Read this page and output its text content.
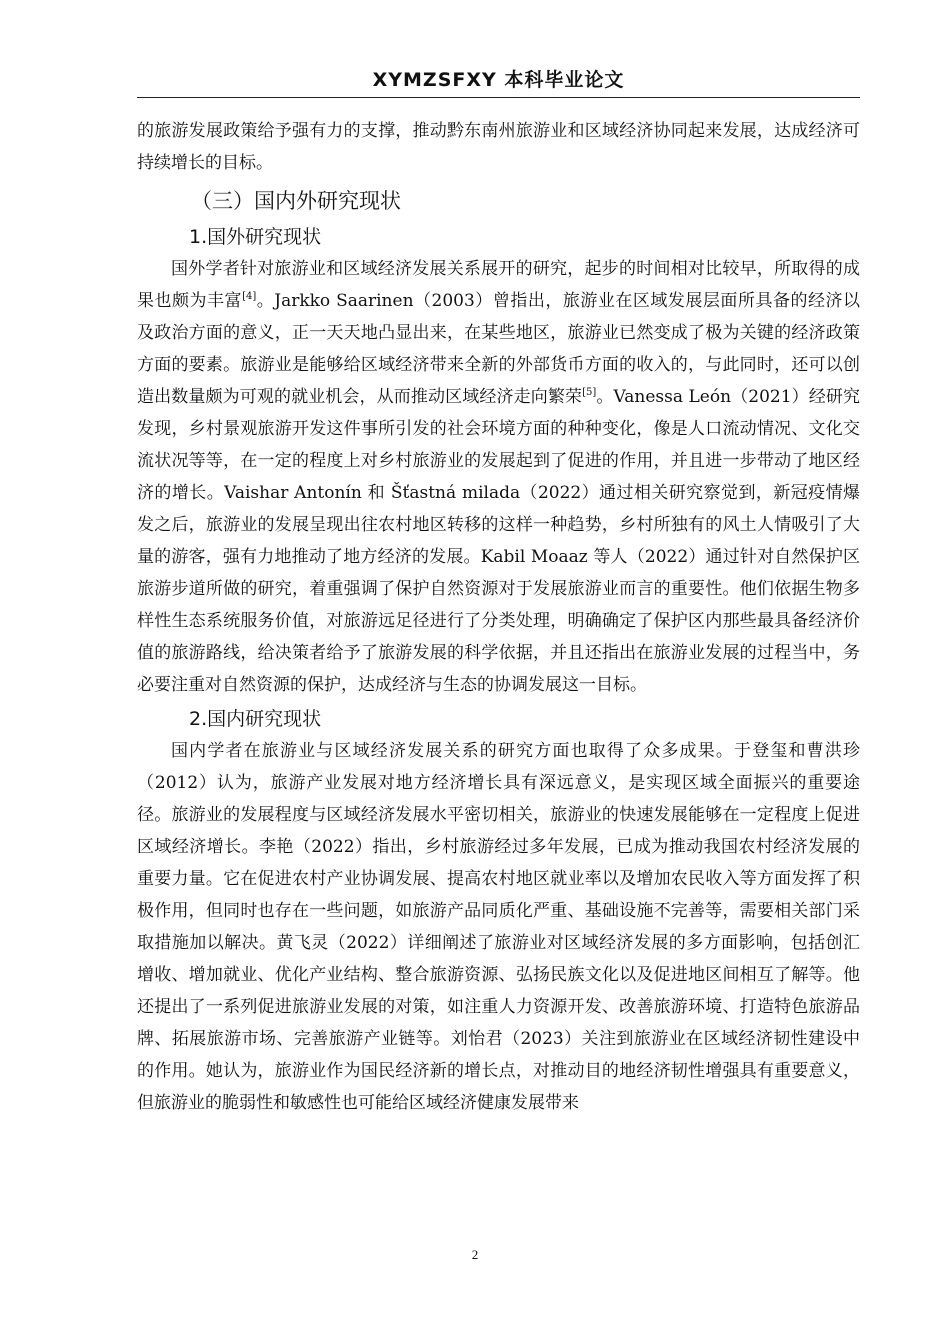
XYMZSFXY 本科毕业论文

的旅游发展政策给予强有力的支撑，推动黔东南州旅游业和区域经济协同起来发展，达成经济可持续增长的目标。

（三）国内外研究现状
1.国外研究现状

国外学者针对旅游业和区域经济发展关系展开的研究，起步的时间相对比较早，所取得的成果也颇为丰富[4]。Jarkko Saarinen（2003）曾指出，旅游业在区域发展层面所具备的经济以及政治方面的意义，正一天天地凸显出来，在某些地区，旅游业已然变成了极为关键的经济政策方面的要素。旅游业是能够给区域经济带来全新的外部货币方面的收入的，与此同时，还可以创造出数量颇为可观的就业机会，从而推动区域经济走向繁荣[5]。Vanessa León（2021）经研究发现，乡村景观旅游开发这件事所引发的社会环境方面的种种变化，像是人口流动情况、文化交流状况等等，在一定的程度上对乡村旅游业的发展起到了促进的作用，并且进一步带动了地区经济的增长。Vaishar Antonín 和 Šťastná milada（2022）通过相关研究察觉到，新冠疫情爆发之后，旅游业的发展呈现出往农村地区转移的这样一种趋势，乡村所独有的风土人情吸引了大量的游客，强有力地推动了地方经济的发展。Kabil Moaaz 等人（2022）通过针对自然保护区旅游步道所做的研究，着重强调了保护自然资源对于发展旅游业而言的重要性。他们依据生物多样性生态系统服务价值，对旅游远足径进行了分类处理，明确确定了保护区内那些最具备经济价值的旅游路线，给决策者给予了旅游发展的科学依据，并且还指出在旅游业发展的过程当中，务必要注重对自然资源的保护，达成经济与生态的协调发展这一目标。

2.国内研究现状

国内学者在旅游业与区域经济发展关系的研究方面也取得了众多成果。于登玺和曹洪珍（2012）认为，旅游产业发展对地方经济增长具有深远意义，是实现区域全面振兴的重要途径。旅游业的发展程度与区域经济发展水平密切相关，旅游业的快速发展能够在一定程度上促进区域经济增长。李艳（2022）指出，乡村旅游经过多年发展，已成为推动我国农村经济发展的重要力量。它在促进农村产业协调发展、提高农村地区就业率以及增加农民收入等方面发挥了积极作用，但同时也存在一些问题，如旅游产品同质化严重、基础设施不完善等，需要相关部门采取措施加以解决。黄飞灵（2022）详细阐述了旅游业对区域经济发展的多方面影响，包括创汇增收、增加就业、优化产业结构、整合旅游资源、弘扬民族文化以及促进地区间相互了解等。他还提出了一系列促进旅游业发展的对策，如注重人力资源开发、改善旅游环境、打造特色旅游品牌、拓展旅游市场、完善旅游产业链等。刘怡君（2023）关注到旅游业在区域经济韧性建设中的作用。她认为，旅游业作为国民经济新的增长点，对推动目的地经济韧性增强具有重要意义，但旅游业的脆弱性和敏感性也可能给区域经济健康发展带来

2
